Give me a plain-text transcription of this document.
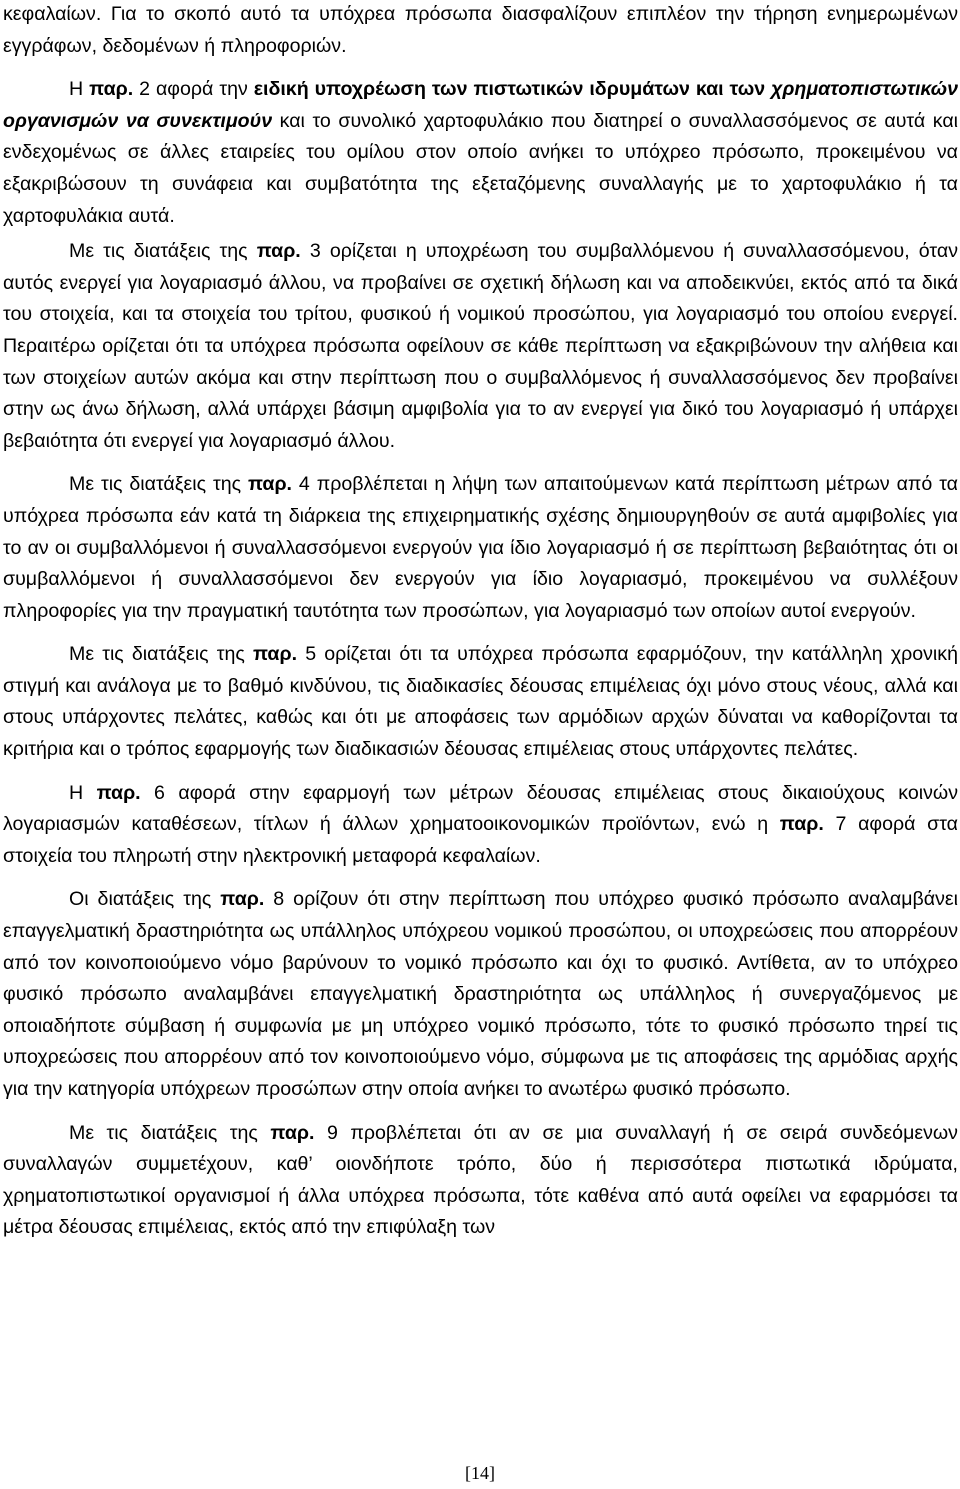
κεφαλαίων. Για το σκοπό αυτό τα υπόχρεα πρόσωπα διασφαλίζουν επιπλέον την τήρηση ενημερωμένων εγγράφων, δεδομένων ή πληροφοριών.

Η παρ. 2 αφορά την ειδική υποχρέωση των πιστωτικών ιδρυμάτων και των χρηματοπιστωτικών οργανισμών να συνεκτιμούν και το συνολικό χαρτοφυλάκιο που διατηρεί ο συναλλασσόμενος σε αυτά και ενδεχομένως σε άλλες εταιρείες του ομίλου στον οποίο ανήκει το υπόχρεο πρόσωπο, προκειμένου να εξακριβώσουν τη συνάφεια και συμβατότητα της εξεταζόμενης συναλλαγής με το χαρτοφυλάκιο ή τα χαρτοφυλάκια αυτά.

Με τις διατάξεις της παρ. 3 ορίζεται η υποχρέωση του συμβαλλόμενου ή συναλλασσόμενου, όταν αυτός ενεργεί για λογαριασμό άλλου, να προβαίνει σε σχετική δήλωση και να αποδεικνύει, εκτός από τα δικά του στοιχεία, και τα στοιχεία του τρίτου, φυσικού ή νομικού προσώπου, για λογαριασμό του οποίου ενεργεί. Περαιτέρω ορίζεται ότι τα υπόχρεα πρόσωπα οφείλουν σε κάθε περίπτωση να εξακριβώνουν την αλήθεια και των στοιχείων αυτών ακόμα και στην περίπτωση που ο συμβαλλόμενος ή συναλλασσόμενος δεν προβαίνει στην ως άνω δήλωση, αλλά υπάρχει βάσιμη αμφιβολία για το αν ενεργεί για δικό του λογαριασμό ή υπάρχει βεβαιότητα ότι ενεργεί για λογαριασμό άλλου.

Με τις διατάξεις της παρ. 4 προβλέπεται η λήψη των απαιτούμενων κατά περίπτωση μέτρων από τα υπόχρεα πρόσωπα εάν κατά τη διάρκεια της επιχειρηματικής σχέσης δημιουργηθούν σε αυτά αμφιβολίες για το αν οι συμβαλλόμενοι ή συναλλασσόμενοι ενεργούν για ίδιο λογαριασμό ή σε περίπτωση βεβαιότητας ότι οι συμβαλλόμενοι ή συναλλασσόμενοι δεν ενεργούν για ίδιο λογαριασμό, προκειμένου να συλλέξουν πληροφορίες για την πραγματική ταυτότητα των προσώπων, για λογαριασμό των οποίων αυτοί ενεργούν.

Με τις διατάξεις της παρ. 5 ορίζεται ότι τα υπόχρεα πρόσωπα εφαρμόζουν, την κατάλληλη χρονική στιγμή και ανάλογα με το βαθμό κινδύνου, τις διαδικασίες δέουσας επιμέλειας όχι μόνο στους νέους, αλλά και στους υπάρχοντες πελάτες, καθώς και ότι με αποφάσεις των αρμόδιων αρχών δύναται να καθορίζονται τα κριτήρια και ο τρόπος εφαρμογής των διαδικασιών δέουσας επιμέλειας στους υπάρχοντες πελάτες.

Η παρ. 6 αφορά στην εφαρμογή των μέτρων δέουσας επιμέλειας στους δικαιούχους κοινών λογαριασμών καταθέσεων, τίτλων ή άλλων χρηματοοικονομικών προϊόντων, ενώ η παρ. 7 αφορά στα στοιχεία του πληρωτή στην ηλεκτρονική μεταφορά κεφαλαίων.

Οι διατάξεις της παρ. 8 ορίζουν ότι στην περίπτωση που υπόχρεο φυσικό πρόσωπο αναλαμβάνει επαγγελματική δραστηριότητα ως υπάλληλος υπόχρεου νομικού προσώπου, οι υποχρεώσεις που απορρέουν από τον κοινοποιούμενο νόμο βαρύνουν το νομικό πρόσωπο και όχι το φυσικό. Αντίθετα, αν το υπόχρεο φυσικό πρόσωπο αναλαμβάνει επαγγελματική δραστηριότητα ως υπάλληλος ή συνεργαζόμενος με οποιαδήποτε σύμβαση ή συμφωνία με μη υπόχρεο νομικό πρόσωπο, τότε το φυσικό πρόσωπο τηρεί τις υποχρεώσεις που απορρέουν από τον κοινοποιούμενο νόμο, σύμφωνα με τις αποφάσεις της αρμόδιας αρχής για την κατηγορία υπόχρεων προσώπων στην οποία ανήκει το ανωτέρω φυσικό πρόσωπο.

Με τις διατάξεις της παρ. 9 προβλέπεται ότι αν σε μια συναλλαγή ή σε σειρά συνδεόμενων συναλλαγών συμμετέχουν, καθ’ οιονδήποτε τρόπο, δύο ή περισσότερα πιστωτικά ιδρύματα, χρηματοπιστωτικοί οργανισμοί ή άλλα υπόχρεα πρόσωπα, τότε καθένα από αυτά οφείλει να εφαρμόσει τα μέτρα δέουσας επιμέλειας, εκτός από την επιφύλαξη των

[14]
